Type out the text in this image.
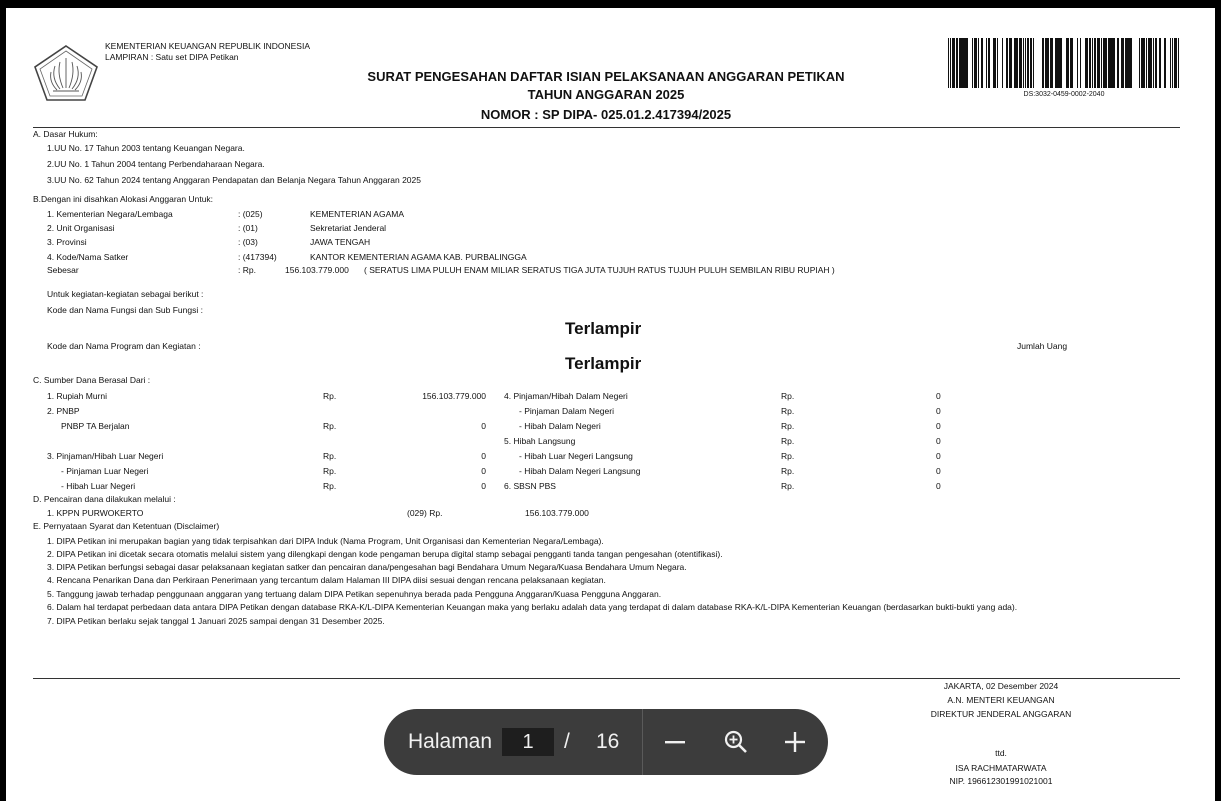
KEMENTERIAN KEUANGAN REPUBLIK INDONESIA
LAMPIRAN : Satu set DIPA Petikan
SURAT PENGESAHAN DAFTAR ISIAN PELAKSANAAN ANGGARAN PETIKAN
TAHUN ANGGARAN 2025
NOMOR : SP DIPA- 025.01.2.417394/2025
DS:3032-0459-0002-2040
A. Dasar Hukum:
1.UU No. 17 Tahun 2003 tentang Keuangan Negara.
2.UU No. 1 Tahun 2004 tentang Perbendaharaan Negara.
3.UU No. 62 Tahun 2024 tentang Anggaran Pendapatan dan Belanja Negara Tahun Anggaran 2025
B.Dengan ini disahkan Alokasi Anggaran Untuk:
1. Kementerian Negara/Lembaga	: (025)	KEMENTERIAN AGAMA
2. Unit Organisasi	: (01)	Sekretariat Jenderal
3. Provinsi	: (03)	JAWA TENGAH
4. Kode/Nama Satker	: (417394)	KANTOR KEMENTERIAN AGAMA KAB. PURBALINGGA
Sebesar	: Rp.	156.103.779.000 ( SERATUS LIMA PULUH ENAM MILIAR SERATUS TIGA JUTA TUJUH RATUS TUJUH PULUH SEMBILAN RIBU RUPIAH )
Untuk kegiatan-kegiatan sebagai berikut :
Kode dan Nama Fungsi dan Sub Fungsi :
Terlampir
Kode dan Nama Program dan Kegiatan :	Jumlah Uang
Terlampir
C. Sumber Dana Berasal Dari :
1. Rupiah Murni	Rp.	156.103.779.000
2. PNBP
PNBP TA Berjalan	Rp.	0
3. Pinjaman/Hibah Luar Negeri	Rp.	0
- Pinjaman Luar Negeri	Rp.	0
- Hibah Luar Negeri	Rp.	0
4. Pinjaman/Hibah Dalam Negeri	Rp.	0
- Pinjaman Dalam Negeri	Rp.	0
- Hibah Dalam Negeri	Rp.	0
5. Hibah Langsung	Rp.	0
- Hibah Luar Negeri Langsung	Rp.	0
- Hibah Dalam Negeri Langsung	Rp.	0
6. SBSN PBS	Rp.	0
D. Pencairan dana dilakukan melalui :
1. KPPN PURWOKERTO	(029) Rp.	156.103.779.000
E. Pernyataan Syarat dan Ketentuan (Disclaimer)
1. DIPA Petikan ini merupakan bagian yang tidak terpisahkan dari DIPA Induk (Nama Program, Unit Organisasi dan Kementerian Negara/Lembaga).
2. DIPA Petikan ini dicetak secara otomatis melalui sistem yang dilengkapi dengan kode pengaman berupa digital stamp sebagai pengganti tanda tangan pengesahan (otentifikasi).
3. DIPA Petikan berfungsi sebagai dasar pelaksanaan kegiatan satker dan pencairan dana/pengesahan bagi Bendahara Umum Negara/Kuasa Bendahara Umum Negara.
4. Rencana Penarikan Dana dan Perkiraan Penerimaan yang tercantum dalam Halaman III DIPA diisi sesuai dengan rencana pelaksanaan kegiatan.
5. Tanggung jawab terhadap penggunaan anggaran yang tertuang dalam DIPA Petikan sepenuhnya berada pada Pengguna Anggaran/Kuasa Pengguna Anggaran.
6. Dalam hal terdapat perbedaan data antara DIPA Petikan dengan database RKA-K/L-DIPA Kementerian Keuangan maka yang berlaku adalah data yang terdapat di dalam database RKA-K/L-DIPA Kementerian Keuangan (berdasarkan bukti-bukti yang ada).
7. DIPA Petikan berlaku sejak tanggal 1 Januari 2025 sampai dengan 31 Desember 2025.
JAKARTA, 02 Desember 2024
A.N. MENTERI KEUANGAN
DIREKTUR JENDERAL ANGGARAN
ttd.
ISA RACHMATARWATA
NIP. 196612301991021001
Halaman	1	/ 16
